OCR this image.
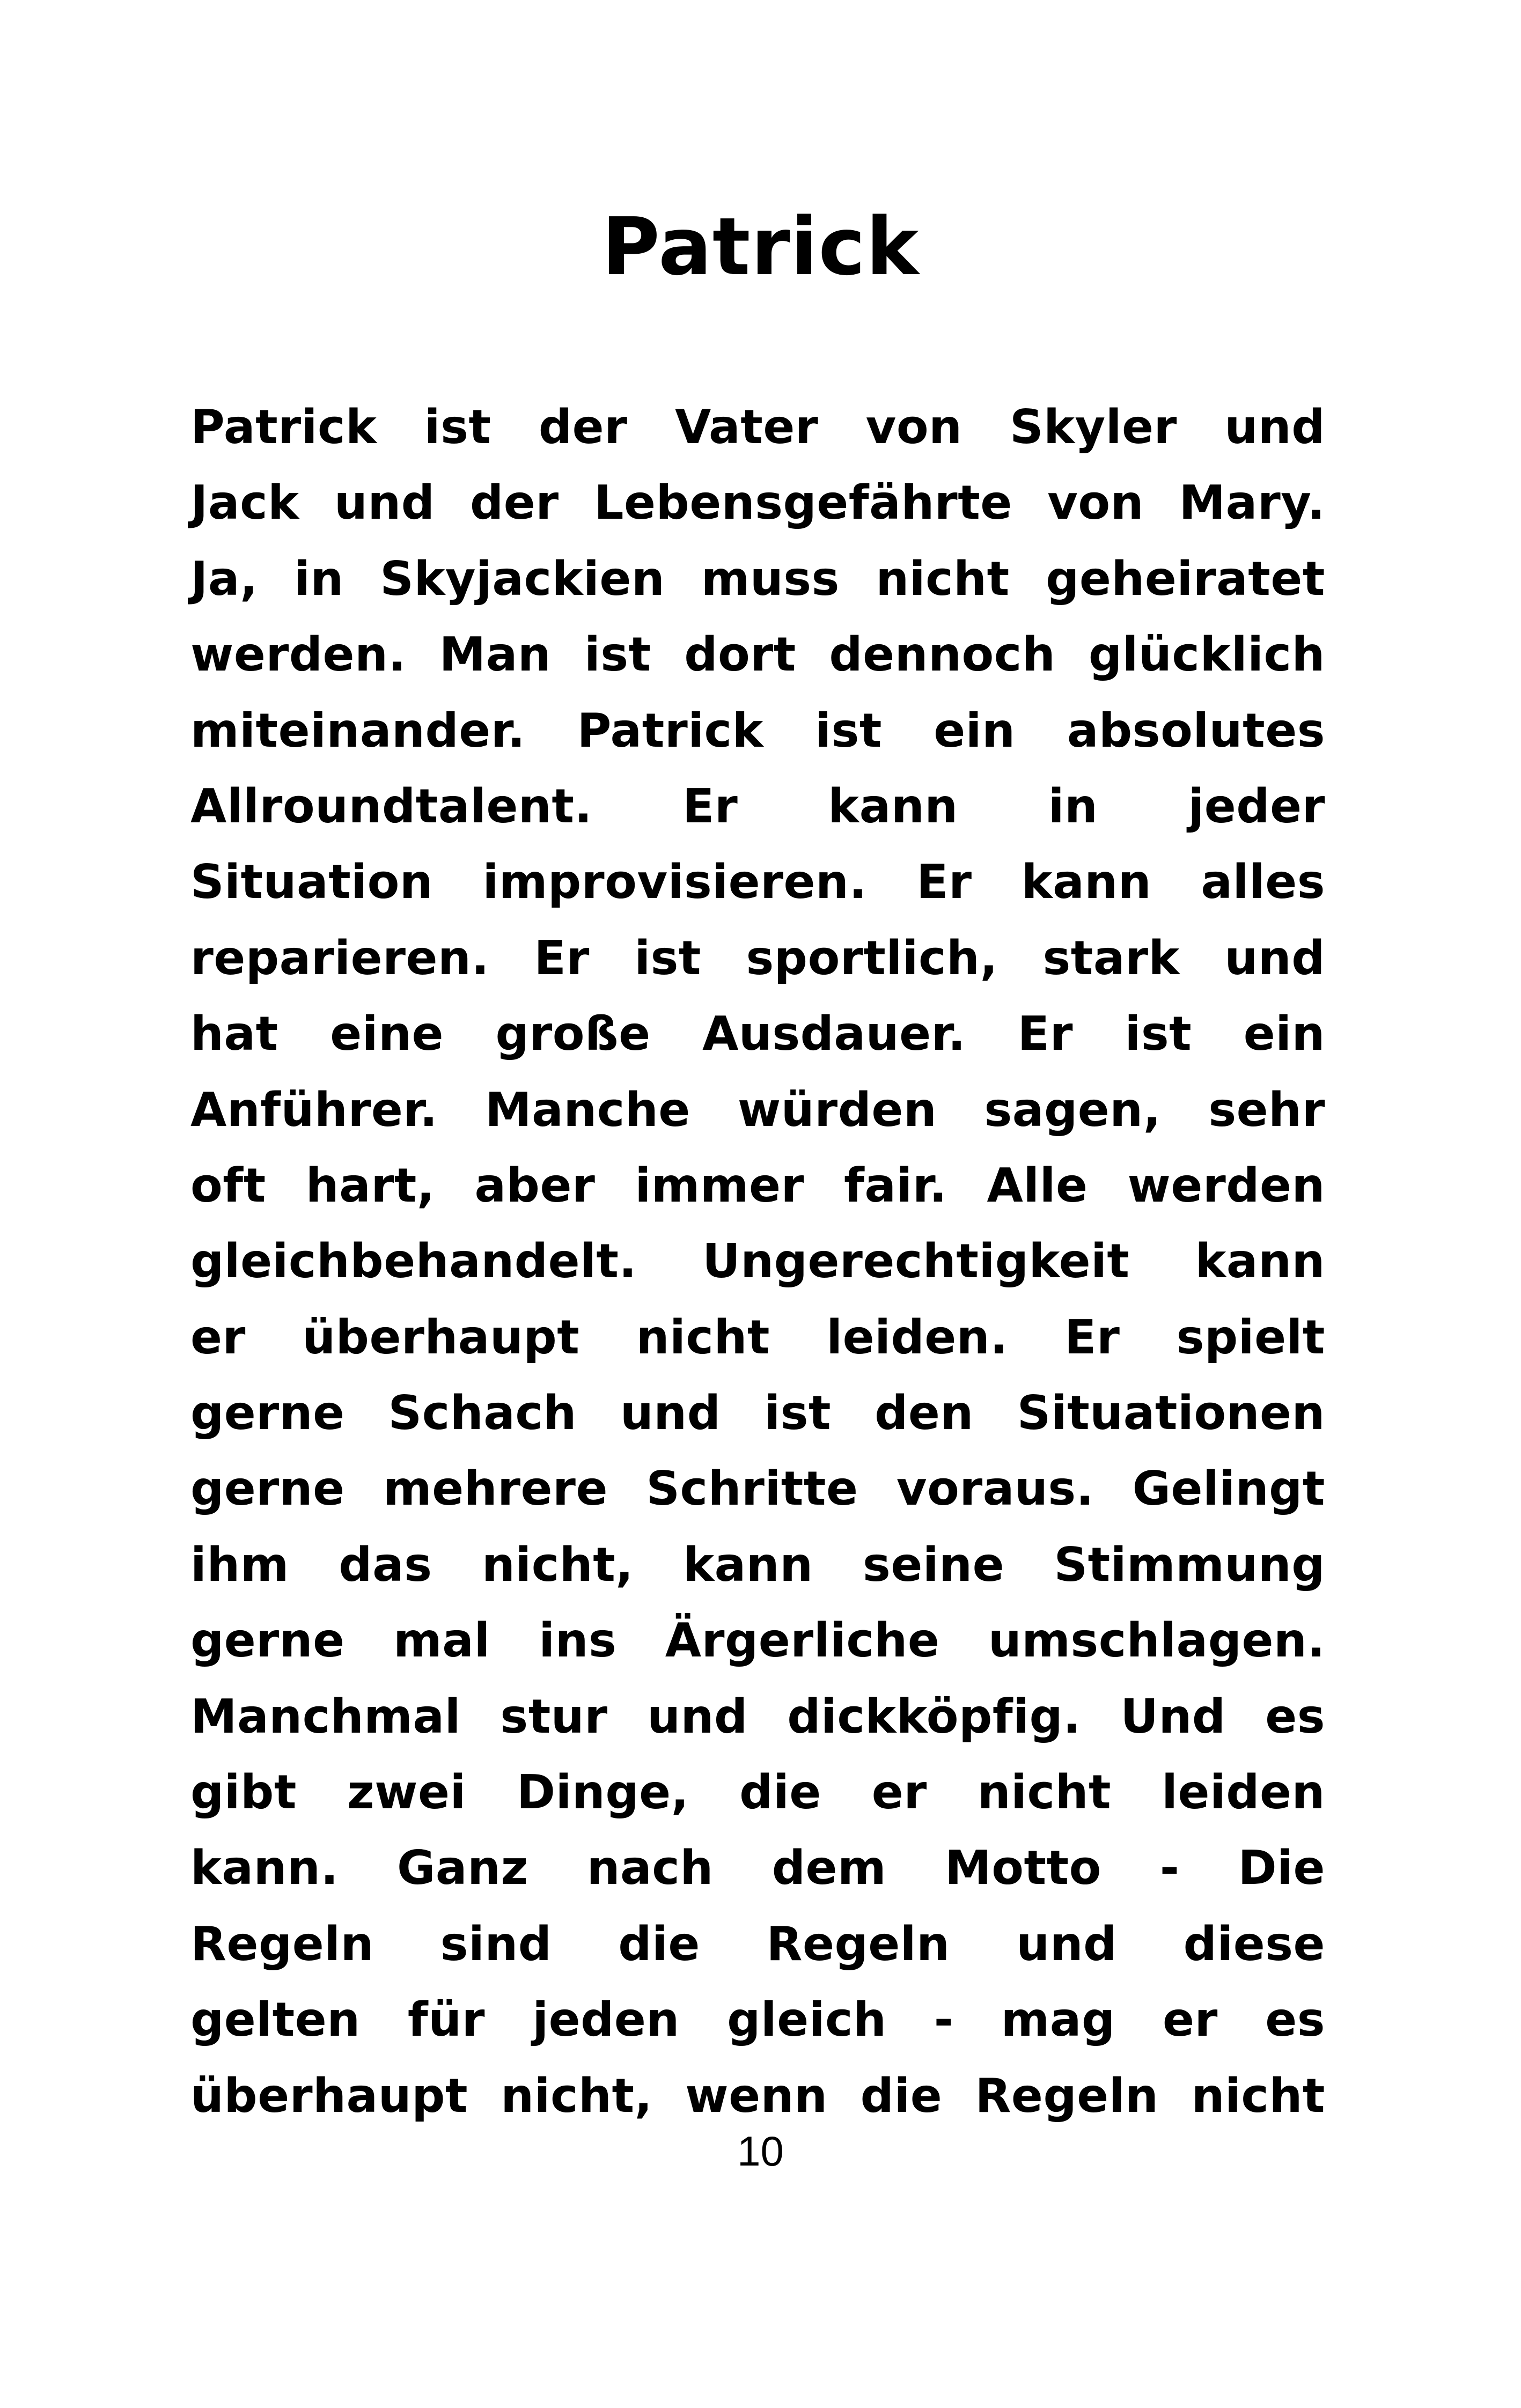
Patrick
Patrick ist der Vater von Skyler und
Jack und der Lebensgefährte von Mary.
Ja, in Skyjackien muss nicht geheiratet
werden. Man ist dort dennoch glücklich
miteinander. Patrick ist ein absolutes
Allroundtalent. Er kann in jeder
Situation improvisieren. Er kann alles
reparieren. Er ist sportlich, stark und
hat eine große Ausdauer. Er ist ein
Anführer. Manche würden sagen, sehr
oft hart, aber immer fair. Alle werden
gleichbehandelt. Ungerechtigkeit kann
er überhaupt nicht leiden. Er spielt
gerne Schach und ist den Situationen
gerne mehrere Schritte voraus. Gelingt
ihm das nicht, kann seine Stimmung
gerne mal ins Ärgerliche umschlagen.
Manchmal stur und dickköpfig. Und es
gibt zwei Dinge, die er nicht leiden
kann. Ganz nach dem Motto - Die
Regeln sind die Regeln und diese
gelten für jeden gleich - mag er es
überhaupt nicht, wenn die Regeln nicht
10
